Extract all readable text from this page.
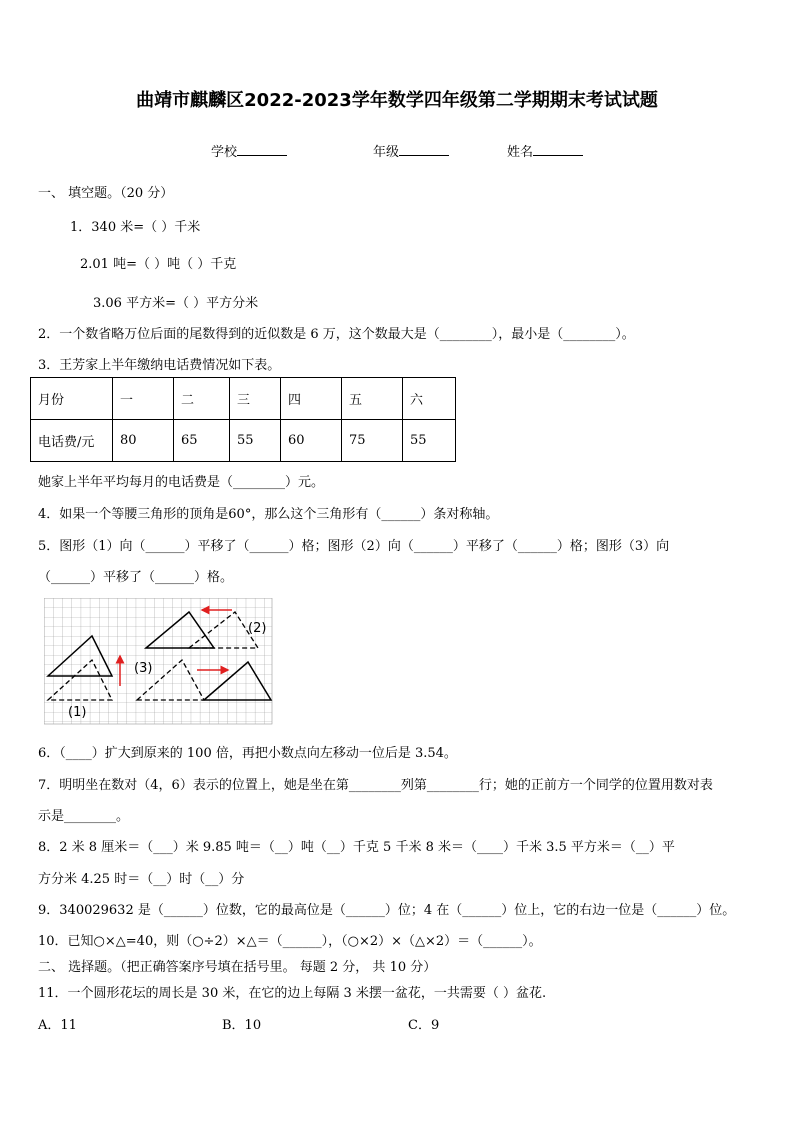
曲靖市麒麟区2022-2023学年数学四年级第二学期期末考试试题
学校	年级	姓名
一、 填空题。（20 分）
1．340 米=（ ）千米
2.01 吨=（ ）吨（ ）千克
3.06 平方米=（ ）平方分米
2．一个数省略万位后面的尾数得到的近似数是 6 万，这个数最大是（________），最小是（________）。
3．王芳家上半年缴纳电话费情况如下表。
月份	一	二	三	四	五	六
电话费/元	80	65	55	60	75	55
她家上半年平均每月的电话费是（________）元。
4．如果一个等腰三角形的顶角是60°，那么这个三角形有（______）条对称轴。
5．图形（1）向（______）平移了（______）格；图形（2）向（______）平移了（______）格；图形（3）向
（______）平移了（______）格。
(1)
(2)
(3)
6．（____）扩大到原来的 100 倍，再把小数点向左移动一位后是 3.54。
7．明明坐在数对（4，6）表示的位置上，她是坐在第________列第________行；她的正前方一个同学的位置用数对表
示是________。
8．2 米 8 厘米＝（___）米 9.85 吨＝（__）吨（__）千克 5 千米 8 米＝（____）千米 3.5 平方米＝（__）平
方分米 4.25 时＝（__）时（__）分
9．340029632 是（______）位数，它的最高位是（______）位；4 在（______）位上，它的右边一位是（______）位。
10．已知○×△=40，则（○÷2）×△＝（______），（○×2）×（△×2）＝（______）。
二、 选择题。（把正确答案序号填在括号里。 每题 2 分， 共 10 分）
11．一个圆形花坛的周长是 30 米，在它的边上每隔 3 米摆一盆花，一共需要（ ）盆花.
A．11	B．10	C．9
